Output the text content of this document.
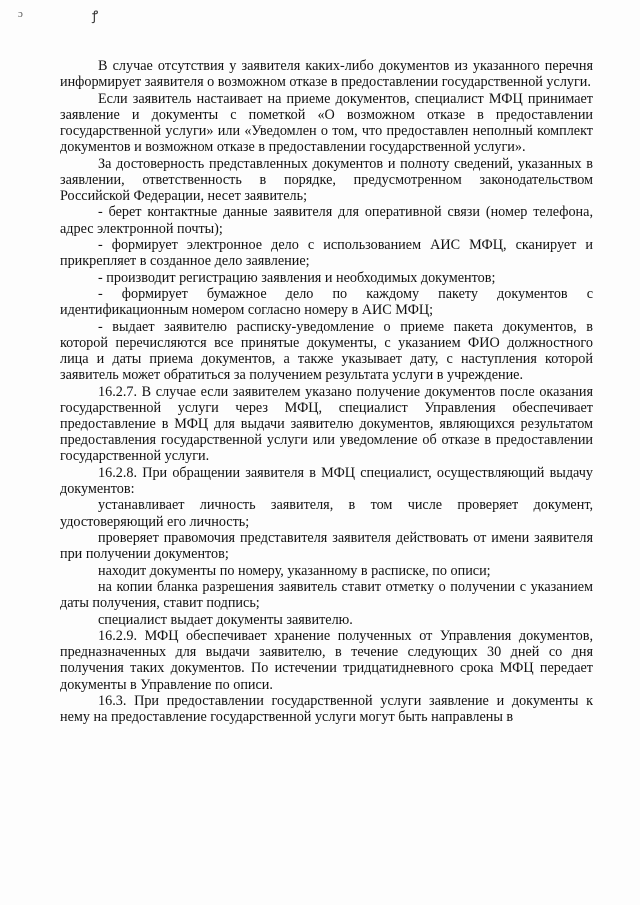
ɔ	ꝭ

В случае отсутствия у заявителя каких-либо документов из указанного перечня информирует заявителя о возможном отказе в предоставлении государственной услуги.

Если заявитель настаивает на приеме документов, специалист МФЦ принимает заявление и документы с пометкой «О возможном отказе в предоставлении государственной услуги» или «Уведомлен о том, что предоставлен неполный комплект документов и возможном отказе в предоставлении государственной услуги».

За достоверность представленных документов и полноту сведений, указанных в заявлении, ответственность в порядке, предусмотренном законодательством Российской Федерации, несет заявитель;

- берет контактные данные заявителя для оперативной связи (номер телефона, адрес электронной почты);

- формирует электронное дело с использованием АИС МФЦ, сканирует и прикрепляет в созданное дело заявление;

- производит регистрацию заявления и необходимых документов;

- формирует бумажное дело по каждому пакету документов с идентификационным номером согласно номеру в АИС МФЦ;

- выдает заявителю расписку-уведомление о приеме пакета документов, в которой перечисляются все принятые документы, с указанием ФИО должностного лица и даты приема документов, а также указывает дату, с наступления которой заявитель может обратиться за получением результата услуги в учреждение.

16.2.7. В случае если заявителем указано получение документов после оказания государственной услуги через МФЦ, специалист Управления обеспечивает предоставление в МФЦ для выдачи заявителю документов, являющихся результатом предоставления государственной услуги или уведомление об отказе в предоставлении государственной услуги.

16.2.8. При обращении заявителя в МФЦ специалист, осуществляющий выдачу документов:

устанавливает личность заявителя, в том числе проверяет документ, удостоверяющий его личность;

проверяет правомочия представителя заявителя действовать от имени заявителя при получении документов;

находит документы по номеру, указанному в расписке, по описи;

на копии бланка разрешения заявитель ставит отметку о получении с указанием даты получения, ставит подпись;

специалист выдает документы заявителю.

16.2.9. МФЦ обеспечивает хранение полученных от Управления документов, предназначенных для выдачи заявителю, в течение следующих 30 дней со дня получения таких документов. По истечении тридцатидневного срока МФЦ передает документы в Управление по описи.

16.3. При предоставлении государственной услуги заявление и документы к нему на предоставление государственной услуги могут быть направлены в
